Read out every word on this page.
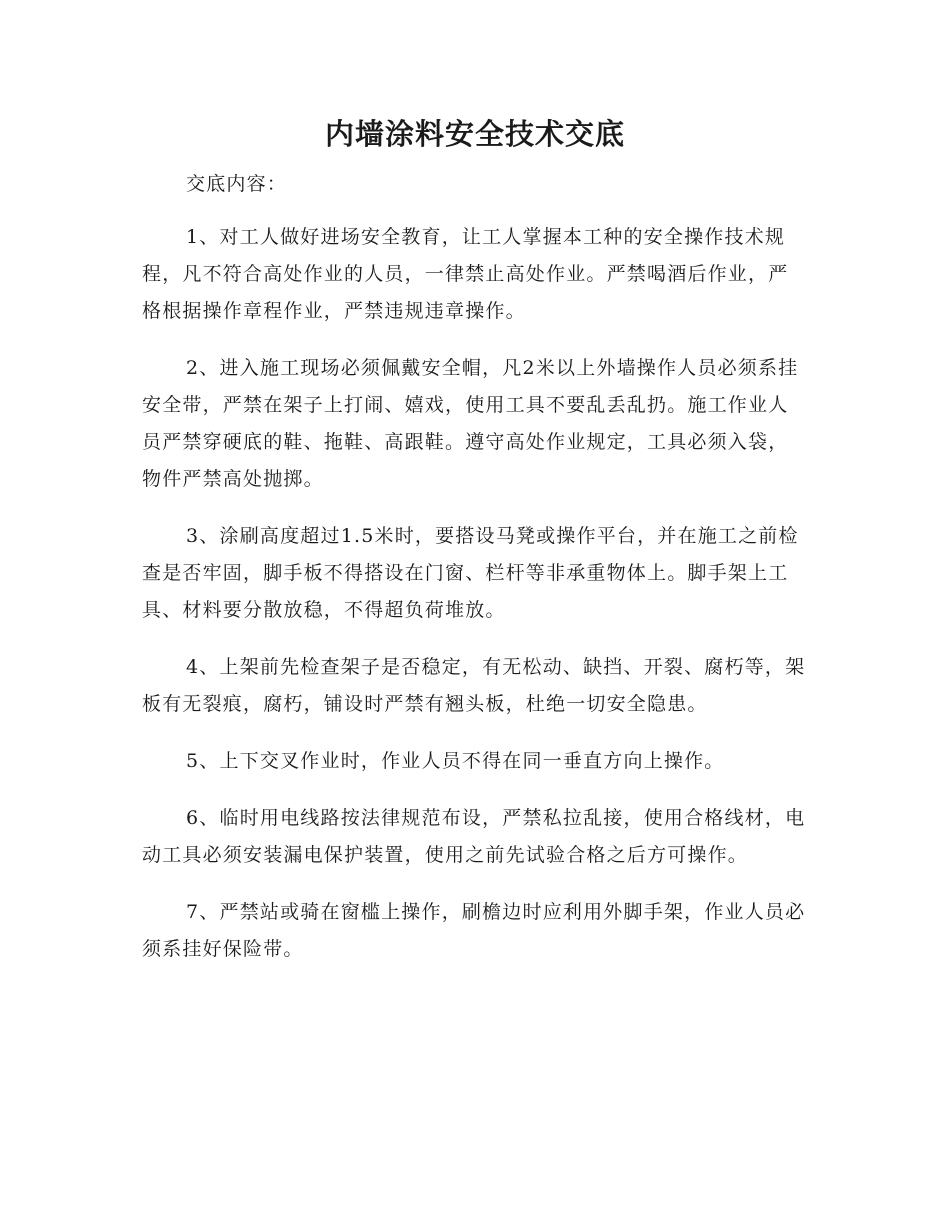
内墙涂料安全技术交底

交底内容：

1、对工人做好进场安全教育，让工人掌握本工种的安全操作技术规程，凡不符合高处作业的人员，一律禁止高处作业。严禁喝酒后作业，严格根据操作章程作业，严禁违规违章操作。

2、进入施工现场必须佩戴安全帽，凡2米以上外墙操作人员必须系挂安全带，严禁在架子上打闹、嬉戏，使用工具不要乱丢乱扔。施工作业人员严禁穿硬底的鞋、拖鞋、高跟鞋。遵守高处作业规定，工具必须入袋，物件严禁高处抛掷。

3、涂刷高度超过1.5米时，要搭设马凳或操作平台，并在施工之前检查是否牢固，脚手板不得搭设在门窗、栏杆等非承重物体上。脚手架上工具、材料要分散放稳，不得超负荷堆放。

4、上架前先检查架子是否稳定，有无松动、缺挡、开裂、腐朽等，架板有无裂痕，腐朽，铺设时严禁有翘头板，杜绝一切安全隐患。

5、上下交叉作业时，作业人员不得在同一垂直方向上操作。

6、临时用电线路按法律规范布设，严禁私拉乱接，使用合格线材，电动工具必须安装漏电保护装置，使用之前先试验合格之后方可操作。

7、严禁站或骑在窗槛上操作，刷檐边时应利用外脚手架，作业人员必须系挂好保险带。
